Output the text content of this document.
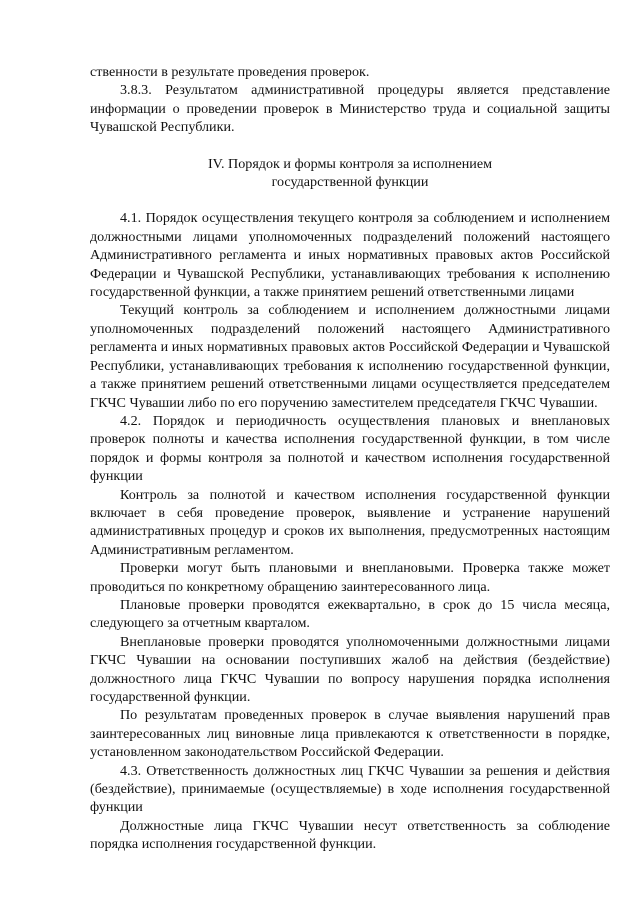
ственности в результате проведения проверок.

3.8.3. Результатом административной процедуры является представление информации о проведении проверок в Министерство труда и социальной защиты Чувашской Республики.

IV. Порядок и формы контроля за исполнением

государственной функции

4.1. Порядок осуществления текущего контроля за соблюдением и исполнением должностными лицами уполномоченных подразделений положений настоящего Административного регламента и иных нормативных правовых актов Российской Федерации и Чувашской Республики, устанавливающих требования к исполнению государственной функции, а также принятием решений ответственными лицами

Текущий контроль за соблюдением и исполнением должностными лицами уполномоченных подразделений положений настоящего Административного регламента и иных нормативных правовых актов Российской Федерации и Чувашской Республики, устанавливающих требования к исполнению государственной функции, а также принятием решений ответственными лицами осуществляется председателем ГКЧС Чувашии либо по его поручению заместителем председателя ГКЧС Чувашии.

4.2. Порядок и периодичность осуществления плановых и внеплановых проверок полноты и качества исполнения государственной функции, в том числе порядок и формы контроля за полнотой и качеством исполнения государственной функции

Контроль за полнотой и качеством исполнения государственной функции включает в себя проведение проверок, выявление и устранение нарушений административных процедур и сроков их выполнения, предусмотренных настоящим Административным регламентом.

Проверки могут быть плановыми и внеплановыми. Проверка также может проводиться по конкретному обращению заинтересованного лица.

Плановые проверки проводятся ежеквартально, в срок до 15 числа месяца, следующего за отчетным кварталом.

Внеплановые проверки проводятся уполномоченными должностными лицами ГКЧС Чувашии на основании поступивших жалоб на действия (бездействие) должностного лица ГКЧС Чувашии по вопросу нарушения порядка исполнения государственной функции.

По результатам проведенных проверок в случае выявления нарушений прав заинтересованных лиц виновные лица привлекаются к ответственности в порядке, установленном законодательством Российской Федерации.

4.3. Ответственность должностных лиц ГКЧС Чувашии за решения и действия (бездействие), принимаемые (осуществляемые) в ходе исполнения государственной функции

Должностные лица ГКЧС Чувашии несут ответственность за соблюдение порядка исполнения государственной функции.
